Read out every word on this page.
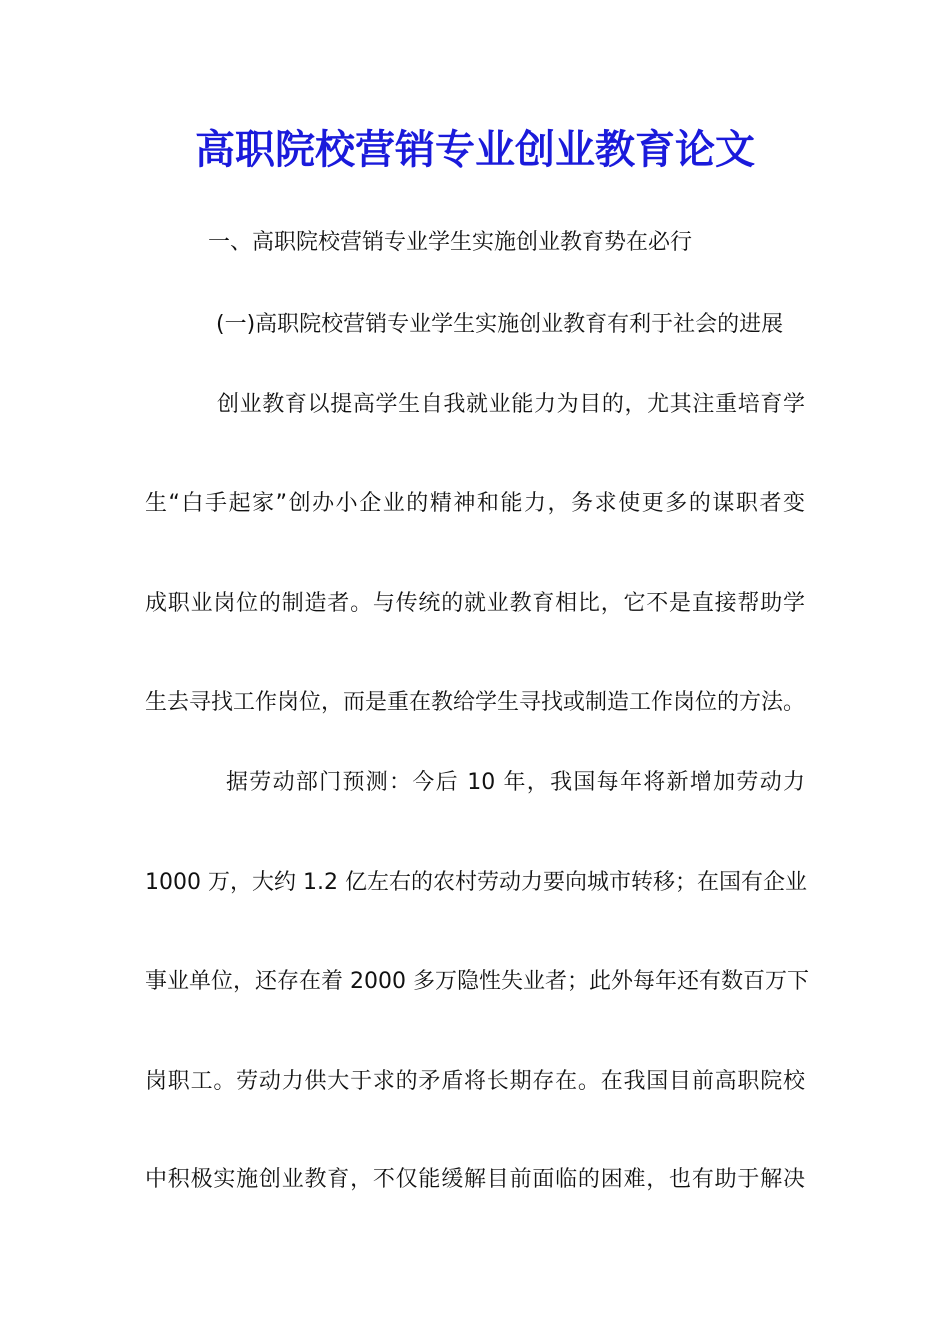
高职院校营销专业创业教育论文
一、高职院校营销专业学生实施创业教育势在必行
(一)高职院校营销专业学生实施创业教育有利于社会的进展
创业教育以提高学生自我就业能力为目的，尤其注重培育学
生“白手起家”创办小企业的精神和能力，务求使更多的谋职者变
成职业岗位的制造者。与传统的就业教育相比，它不是直接帮助学
生去寻找工作岗位，而是重在教给学生寻找或制造工作岗位的方法。
据劳动部门预测：今后 10 年，我国每年将新增加劳动力
1000 万，大约 1.2 亿左右的农村劳动力要向城市转移；在国有企业
事业单位，还存在着 2000 多万隐性失业者；此外每年还有数百万下
岗职工。劳动力供大于求的矛盾将长期存在。在我国目前高职院校
中积极实施创业教育，不仅能缓解目前面临的困难，也有助于解决
